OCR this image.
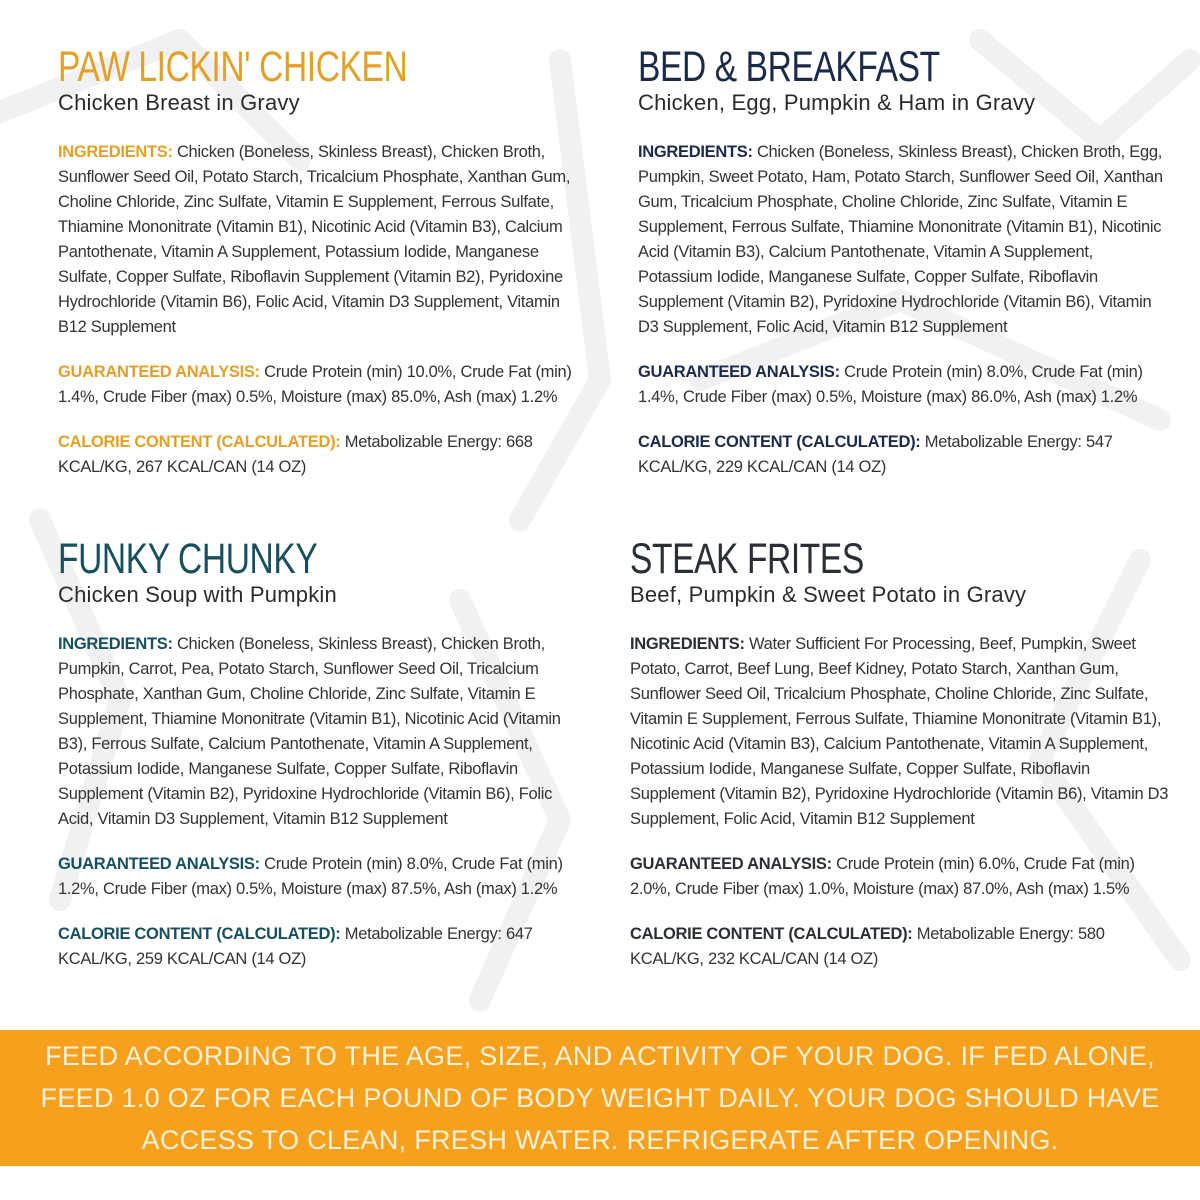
PAW LICKIN' CHICKEN

Chicken Breast in Gravy

INGREDIENTS: Chicken (Boneless, Skinless Breast), Chicken Broth, Sunflower Seed Oil, Potato Starch, Tricalcium Phosphate, Xanthan Gum, Choline Chloride, Zinc Sulfate, Vitamin E Supplement, Ferrous Sulfate, Thiamine Mononitrate (Vitamin B1), Nicotinic Acid (Vitamin B3), Calcium Pantothenate, Vitamin A Supplement, Potassium Iodide, Manganese Sulfate, Copper Sulfate, Riboflavin Supplement (Vitamin B2), Pyridoxine Hydrochloride (Vitamin B6), Folic Acid, Vitamin D3 Supplement, Vitamin B12 Supplement

GUARANTEED ANALYSIS: Crude Protein (min) 10.0%, Crude Fat (min) 1.4%, Crude Fiber (max) 0.5%, Moisture (max) 85.0%, Ash (max) 1.2%

CALORIE CONTENT (CALCULATED): Metabolizable Energy: 668 KCAL/KG, 267 KCAL/CAN (14 OZ)

BED & BREAKFAST

Chicken, Egg, Pumpkin & Ham in Gravy

INGREDIENTS: Chicken (Boneless, Skinless Breast), Chicken Broth, Egg, Pumpkin, Sweet Potato, Ham, Potato Starch, Sunflower Seed Oil, Xanthan Gum, Tricalcium Phosphate, Choline Chloride, Zinc Sulfate, Vitamin E Supplement, Ferrous Sulfate, Thiamine Mononitrate (Vitamin B1), Nicotinic Acid (Vitamin B3), Calcium Pantothenate, Vitamin A Supplement, Potassium Iodide, Manganese Sulfate, Copper Sulfate, Riboflavin Supplement (Vitamin B2), Pyridoxine Hydrochloride (Vitamin B6), Vitamin D3 Supplement, Folic Acid, Vitamin B12 Supplement

GUARANTEED ANALYSIS: Crude Protein (min) 8.0%, Crude Fat (min) 1.4%, Crude Fiber (max) 0.5%, Moisture (max) 86.0%, Ash (max) 1.2%

CALORIE CONTENT (CALCULATED): Metabolizable Energy: 547 KCAL/KG, 229 KCAL/CAN (14 OZ)

FUNKY CHUNKY

Chicken Soup with Pumpkin

INGREDIENTS: Chicken (Boneless, Skinless Breast), Chicken Broth, Pumpkin, Carrot, Pea, Potato Starch, Sunflower Seed Oil, Tricalcium Phosphate, Xanthan Gum, Choline Chloride, Zinc Sulfate, Vitamin E Supplement, Thiamine Mononitrate (Vitamin B1), Nicotinic Acid (Vitamin B3), Ferrous Sulfate, Calcium Pantothenate, Vitamin A Supplement, Potassium Iodide, Manganese Sulfate, Copper Sulfate, Riboflavin Supplement (Vitamin B2), Pyridoxine Hydrochloride (Vitamin B6), Folic Acid, Vitamin D3 Supplement, Vitamin B12 Supplement

GUARANTEED ANALYSIS: Crude Protein (min) 8.0%, Crude Fat (min) 1.2%, Crude Fiber (max) 0.5%, Moisture (max) 87.5%, Ash (max) 1.2%

CALORIE CONTENT (CALCULATED): Metabolizable Energy: 647 KCAL/KG, 259 KCAL/CAN (14 OZ)

STEAK FRITES

Beef, Pumpkin & Sweet Potato in Gravy

INGREDIENTS: Water Sufficient For Processing, Beef, Pumpkin, Sweet Potato, Carrot, Beef Lung, Beef Kidney, Potato Starch, Xanthan Gum, Sunflower Seed Oil, Tricalcium Phosphate, Choline Chloride, Zinc Sulfate, Vitamin E Supplement, Ferrous Sulfate, Thiamine Mononitrate (Vitamin B1), Nicotinic Acid (Vitamin B3), Calcium Pantothenate, Vitamin A Supplement, Potassium Iodide, Manganese Sulfate, Copper Sulfate, Riboflavin Supplement (Vitamin B2), Pyridoxine Hydrochloride (Vitamin B6), Vitamin D3 Supplement, Folic Acid, Vitamin B12 Supplement

GUARANTEED ANALYSIS: Crude Protein (min) 6.0%, Crude Fat (min) 2.0%, Crude Fiber (max) 1.0%, Moisture (max) 87.0%, Ash (max) 1.5%

CALORIE CONTENT (CALCULATED): Metabolizable Energy: 580 KCAL/KG, 232 KCAL/CAN (14 OZ)

FEED ACCORDING TO THE AGE, SIZE, AND ACTIVITY OF YOUR DOG. IF FED ALONE, FEED 1.0 OZ FOR EACH POUND OF BODY WEIGHT DAILY. YOUR DOG SHOULD HAVE ACCESS TO CLEAN, FRESH WATER. REFRIGERATE AFTER OPENING.
